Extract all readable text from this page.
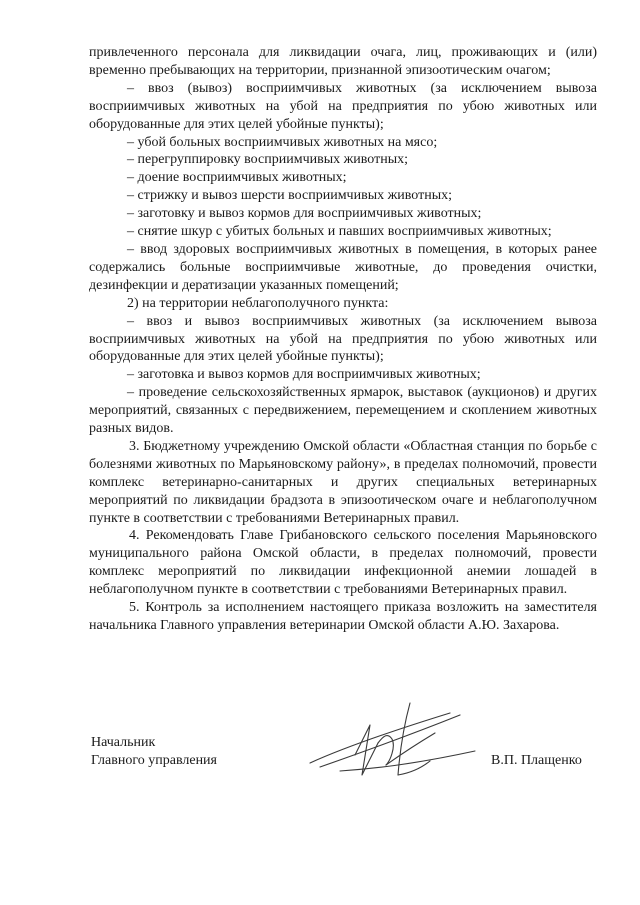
привлеченного персонала для ликвидации очага, лиц, проживающих и (или) временно пребывающих на территории, признанной эпизоотическим очагом;

– ввоз (вывоз) восприимчивых животных (за исключением вывоза восприимчивых животных на убой на предприятия по убою животных или оборудованные для этих целей убойные пункты);

– убой больных восприимчивых животных на мясо;

– перегруппировку восприимчивых животных;

– доение восприимчивых животных;

– стрижку и вывоз шерсти восприимчивых животных;

– заготовку и вывоз кормов для восприимчивых животных;

– снятие шкур с убитых больных и павших восприимчивых животных;

– ввод здоровых восприимчивых животных в помещения, в которых ранее содержались больные восприимчивые животные, до проведения очистки, дезинфекции и дератизации указанных помещений;

2) на территории неблагополучного пункта:

– ввоз и вывоз восприимчивых животных (за исключением вывоза восприимчивых животных на убой на предприятия по убою животных или оборудованные для этих целей убойные пункты);

– заготовка и вывоз кормов для восприимчивых животных;

– проведение сельскохозяйственных ярмарок, выставок (аукционов) и других мероприятий, связанных с передвижением, перемещением и скоплением животных разных видов.

3. Бюджетному учреждению Омской области «Областная станция по борьбе с болезнями животных по Марьяновскому району», в пределах полномочий, провести комплекс ветеринарно-санитарных и других специальных ветеринарных мероприятий по ликвидации брадзота в эпизоотическом очаге и неблагополучном пункте в соответствии с требованиями Ветеринарных правил.

4. Рекомендовать Главе Грибановского сельского поселения Марьяновского муниципального района Омской области, в пределах полномочий, провести комплекс мероприятий по ликвидации инфекционной анемии лошадей в неблагополучном пункте в соответствии с требованиями Ветеринарных правил.

5. Контроль за исполнением настоящего приказа возложить на заместителя начальника Главного управления ветеринарии Омской области А.Ю. Захарова.

Начальник
Главного управления	В.П. Плащенко
